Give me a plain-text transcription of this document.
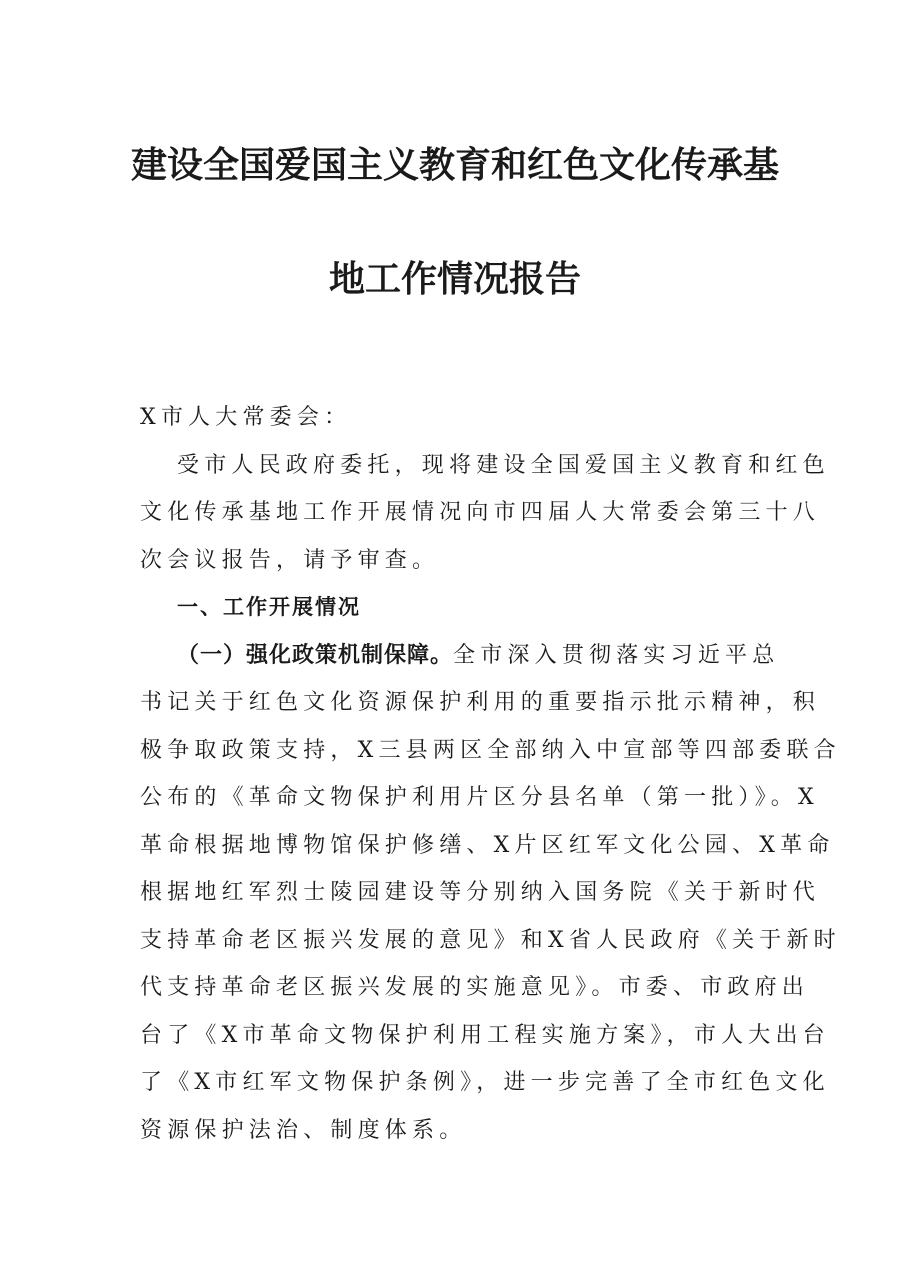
建设全国爱国主义教育和红色文化传承基
地工作情况报告
X市人大常委会：
受市人民政府委托，现将建设全国爱国主义教育和红色
文化传承基地工作开展情况向市四届人大常委会第三十八
次会议报告，请予审查。
一、工作开展情况
（一）强化政策机制保障。全市深入贯彻落实习近平总
书记关于红色文化资源保护利用的重要指示批示精神，积
极争取政策支持，X三县两区全部纳入中宣部等四部委联合
公布的《革命文物保护利用片区分县名单（第一批）》。X
革命根据地博物馆保护修缮、X片区红军文化公园、X革命
根据地红军烈士陵园建设等分别纳入国务院《关于新时代
支持革命老区振兴发展的意见》和X省人民政府《关于新时
代支持革命老区振兴发展的实施意见》。市委、市政府出
台了《X市革命文物保护利用工程实施方案》，市人大出台
了《X市红军文物保护条例》，进一步完善了全市红色文化
资源保护法治、制度体系。
